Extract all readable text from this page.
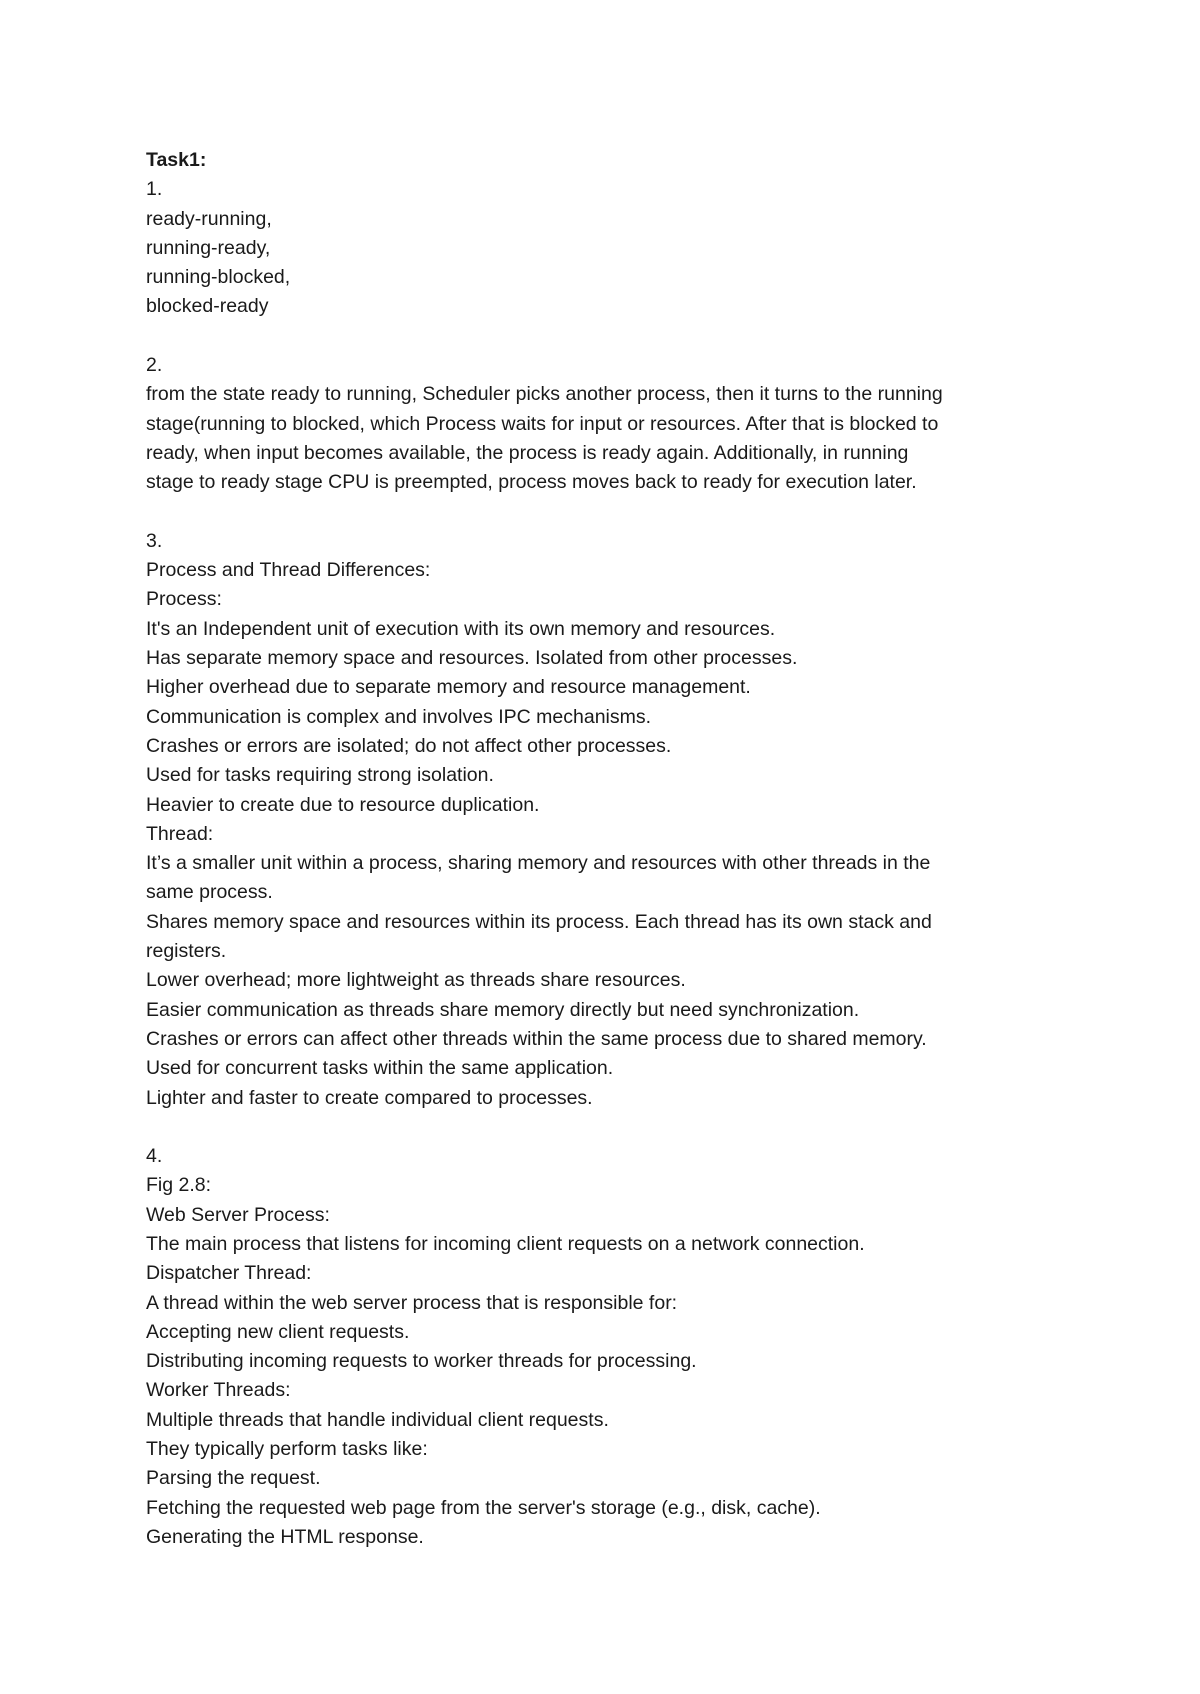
Task1:
1.
ready-running,
running-ready,
running-blocked,
blocked-ready
2.
from the state ready to running, Scheduler picks another process, then it turns to the running
stage(running to blocked, which Process waits for input or resources. After that is blocked to
ready, when input becomes available, the process is ready again. Additionally, in running
stage to ready stage CPU is preempted, process moves back to ready for execution later.
3.
Process and Thread Differences:
Process:
It's an Independent unit of execution with its own memory and resources.
Has separate memory space and resources. Isolated from other processes.
Higher overhead due to separate memory and resource management.
Communication is complex and involves IPC mechanisms.
Crashes or errors are isolated; do not affect other processes.
Used for tasks requiring strong isolation.
Heavier to create due to resource duplication.
Thread:
It’s a smaller unit within a process, sharing memory and resources with other threads in the
same process.
Shares memory space and resources within its process. Each thread has its own stack and
registers.
Lower overhead; more lightweight as threads share resources.
Easier communication as threads share memory directly but need synchronization.
Crashes or errors can affect other threads within the same process due to shared memory.
Used for concurrent tasks within the same application.
Lighter and faster to create compared to processes.
4.
Fig 2.8:
Web Server Process:
The main process that listens for incoming client requests on a network connection.
Dispatcher Thread:
A thread within the web server process that is responsible for:
Accepting new client requests.
Distributing incoming requests to worker threads for processing.
Worker Threads:
Multiple threads that handle individual client requests.
They typically perform tasks like:
Parsing the request.
Fetching the requested web page from the server's storage (e.g., disk, cache).
Generating the HTML response.
